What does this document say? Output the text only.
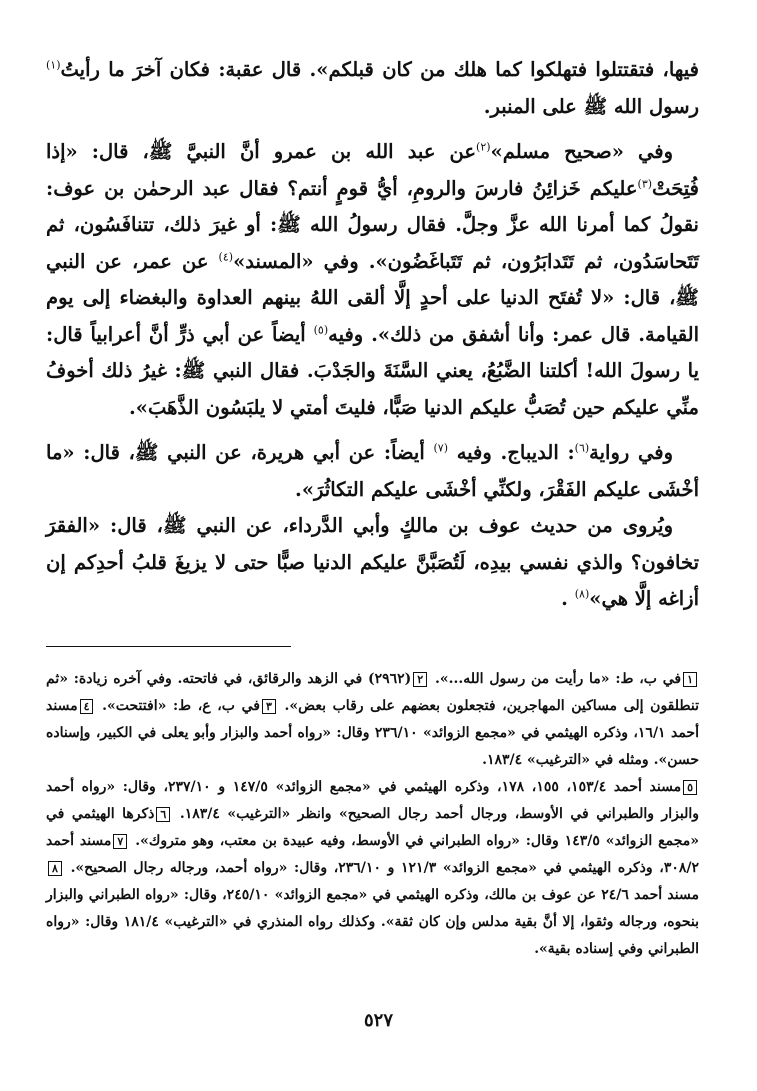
فيها، فتقتتلوا فتهلكوا كما هلك من كان قبلكم». قال عقبة: فكان آخرَ ما رأيتُ$^{(١)}$ رسول الله ﷺ على المنبر.

وفي «صحيح مسلم»$^{(٢)}$عن عبد الله بن عمرو أنَّ النبيَّ ﷺ، قال: «إذا فُتِحَتْ$^{(٣)}$عليكم خَزائِنُ فارسَ والرومِ، أيُّ قومٍ أنتم؟ فقال عبد الرحمٰن بن عوف: نقولُ كما أمرنا الله عزَّ وجلَّ. فقال رسولُ الله ﷺ: أو غيرَ ذلك، تتنافَسُون، ثم تَتَحاسَدُون، ثم تَتَدابَرُون، ثم تَتَباغَضُون». وفي «المسند»$^{(٤)}$ عن عمر، عن النبي ﷺ، قال: «لا تُفتَح الدنيا على أحدٍ إلَّا ألقى اللهُ بينهم العداوة والبغضاء إلى يوم القيامة. قال عمر: وأنا أشفق من ذلك». وفيه$^{(٥)}$ أيضاً عن أبي ذرٍّ أنَّ أعرابياً قال: يا رسولَ الله! أكلتنا الضَّبُعُ، يعني السَّنَةَ والجَدْبَ. فقال النبي ﷺ: غيرُ ذلك أخوفُ منِّي عليكم حين تُصَبُّ عليكم الدنيا صَبًّا، فليتَ أمتي لا يلبَسُون الذَّهَبَ».

وفي رواية$^{(٦)}$: الديباج. وفيه $^{(٧)}$ أيضاً: عن أبي هريرة، عن النبي ﷺ، قال: «ما أخْشَى عليكم الفَقْرَ، ولكنِّي أخْشَى عليكم التكاثُرَ».

ويُروى من حديث عوف بن مالكٍ وأبي الدَّرداء، عن النبي ﷺ، قال: «الفقرَ تخافون؟ والذي نفسي بيدِه، لَتُصَبَّنَّ عليكم الدنيا صبًّا حتى لا يزيغَ قلبُ أحدِكم إن أزاغه إلَّا هي»$^{(٨)}$ .

١في ب، ط: «ما رأيت من رسول الله...». ٢(٢٩٦٢) في الزهد والرقائق، في فاتحته. وفي آخره زيادة: «ثم تنطلقون إلى مساكين المهاجرين، فتجعلون بعضهم على رقاب بعض». ٣في ب، ع، ط: «افتتحت». ٤مسند أحمد ١٦/١، وذكره الهيثمي في «مجمع الزوائد» ٢٣٦/١٠ وقال: «رواه أحمد والبزار وأبو يعلى في الكبير، وإسناده حسن». ومثله في «الترغيب» ١٨٣/٤.

٥مسند أحمد ١٥٣/٤، ١٥٥، ١٧٨، وذكره الهيثمي في «مجمع الزوائد» ١٤٧/٥ و ٢٣٧/١٠، وقال: «رواه أحمد والبزار والطبراني في الأوسط، ورجال أحمد رجال الصحيح» وانظر «الترغيب» ١٨٣/٤. ٦ذكرها الهيثمي في «مجمع الزوائد» ١٤٣/٥ وقال: «رواه الطبراني في الأوسط، وفيه عبيدة بن معتب، وهو متروك». ٧مسند أحمد ٣٠٨/٢، وذكره الهيثمي في «مجمع الزوائد» ١٢١/٣ و ٢٣٦/١٠، وقال: «رواه أحمد، ورجاله رجال الصحيح». ٨مسند أحمد ٢٤/٦ عن عوف بن مالك، وذكره الهيثمي في «مجمع الزوائد» ٢٤٥/١٠، وقال: «رواه الطبراني والبزار بنحوه، ورجاله وثقوا، إلا أنَّ بقية مدلس وإن كان ثقة». وكذلك رواه المنذري في «الترغيب» ١٨١/٤ وقال: «رواه الطبراني وفي إسناده بقية».

٥٢٧
